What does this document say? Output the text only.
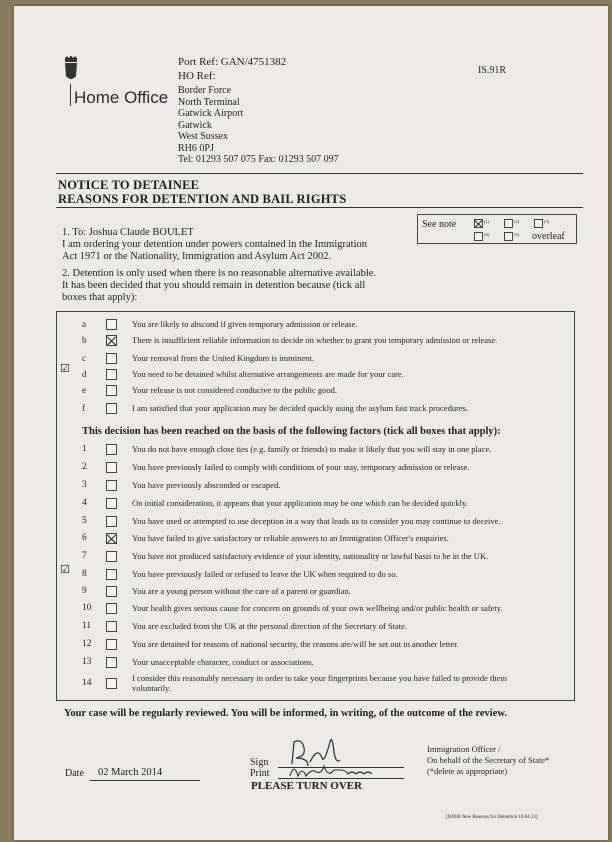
Home Office
Port Ref: GAN/4751382
HO Ref:	IS.91R
Border Force
North Terminal
Gatwick Airport
Gatwick
West Sussex
RH6 0PJ
Tel: 01293 507 075 Fax: 01293 507 097
NOTICE TO DETAINEE
REASONS FOR DETENTION AND BAIL RIGHTS
See note	(1)	(2)	(3)
(4)	(5) overleaf
1. To: Joshua Claude BOULET
I am ordering your detention under powers contained in the Immigration
Act 1971 or the Nationality, Immigration and Asylum Act 2002.
2. Detention is only used when there is no reasonable alternative available.
It has been decided that you should remain in detention because (tick all
boxes that apply):
a	You are likely to abscond if given temporary admission or release.
b	There is insufficient reliable information to decide on whether to grant you temporary admission or release.
c	Your removal from the United Kingdom is imminent.
d	You need to be detained whilst alternative arrangements are made for your care.
e	Your release is not considered conducive to the public good.
f	I am satisfied that your application may be decided quickly using the asylum fast track procedures.
☑
This decision has been reached on the basis of the following factors (tick all boxes that apply):
1	You do not have enough close ties (e.g. family or friends) to make it likely that you will stay in one place.
2	You have previously failed to comply with conditions of your stay, temporary admission or release.
3	You have previously absconded or escaped.
4	On initial consideration, it appears that your application may be one which can be decided quickly.
5	You have used or attempted to use deception in a way that leads us to consider you may continue to deceive.
6	You have failed to give satisfactory or reliable answers to an Immigration Officer's enquiries.
7	You have not produced satisfactory evidence of your identity, nationality or lawful basis to be in the UK.
8	You have previously failed or refused to leave the UK when required to do so.
9	You are a young person without the care of a parent or guardian.
10	Your health gives serious cause for concern on grounds of your own wellbeing and/or public health or safety.
11	You are excluded from the UK at the personal direction of the Secretary of State.
12	You are detained for reasons of national security, the reasons are/will be set out in another letter.
13	Your unacceptable character, conduct or associations.
14	I consider this reasonably necessary in order to take your fingerprints because you have failed to provide them
voluntarily.
☑
Your case will be regularly reviewed. You will be informed, in writing, of the outcome of the review.
Date 02 March 2014
Sign
Print
Immigration Officer /
On behalf of the Secretary of State*
(*delete as appropriate)
PLEASE TURN OVER
[IS91R New Reasons for Detention 10.04.13]
